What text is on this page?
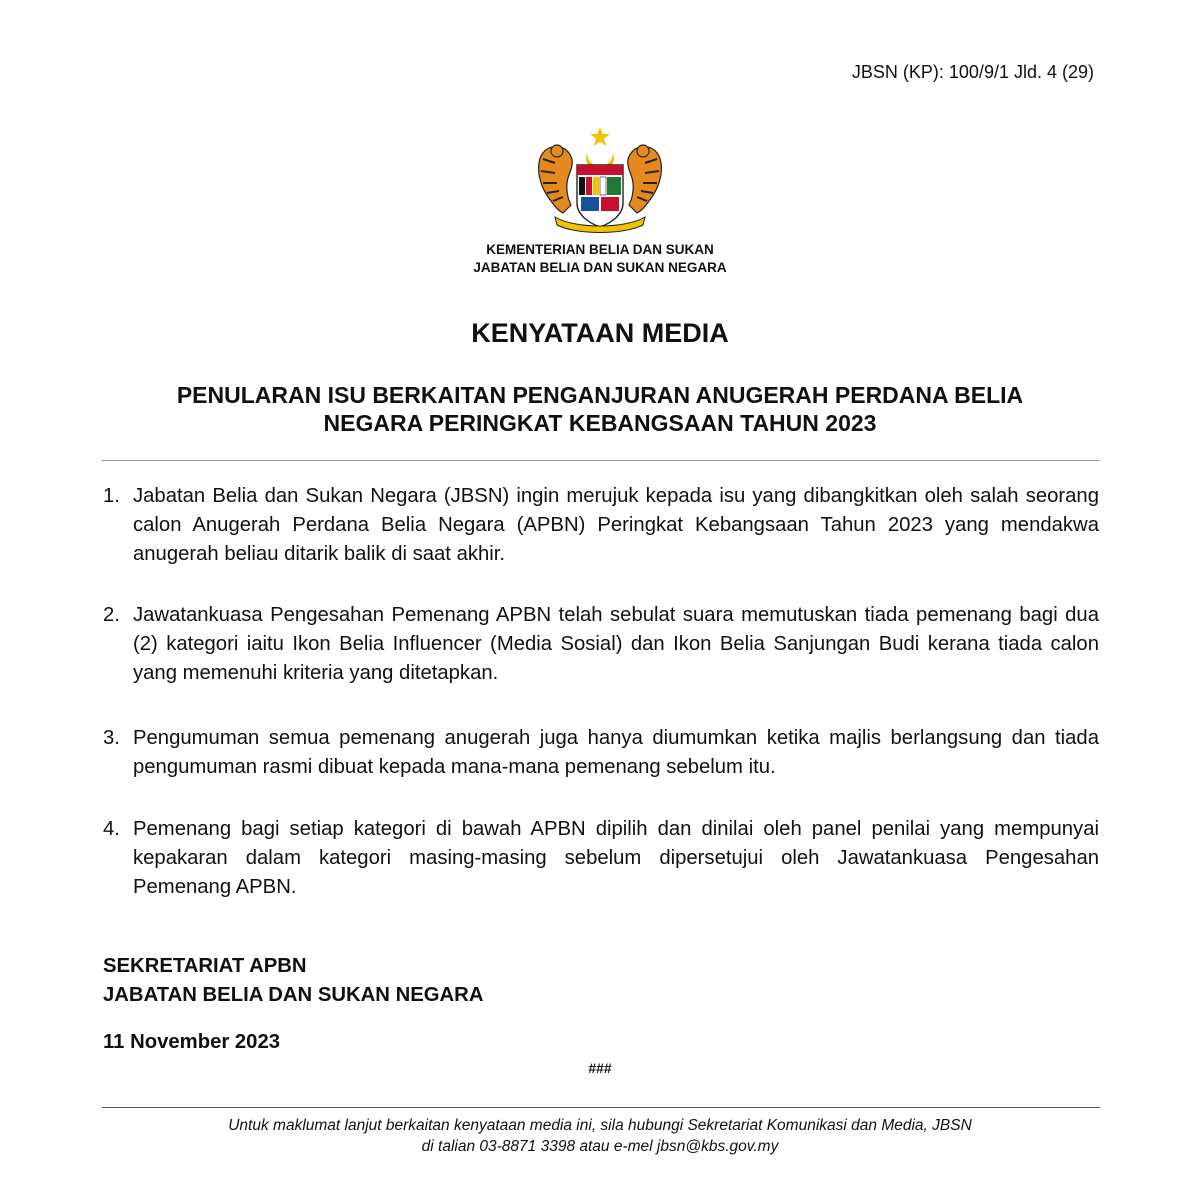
JBSN (KP): 100/9/1 Jld. 4 (29)
KEMENTERIAN BELIA DAN SUKAN
JABATAN BELIA DAN SUKAN NEGARA
KENYATAAN MEDIA
PENULARAN ISU BERKAITAN PENGANJURAN ANUGERAH PERDANA BELIA
NEGARA PERINGKAT KEBANGSAAN TAHUN 2023
1. Jabatan Belia dan Sukan Negara (JBSN) ingin merujuk kepada isu yang dibangkitkan oleh salah seorang calon Anugerah Perdana Belia Negara (APBN) Peringkat Kebangsaan Tahun 2023 yang mendakwa anugerah beliau ditarik balik di saat akhir.
2. Jawatankuasa Pengesahan Pemenang APBN telah sebulat suara memutuskan tiada pemenang bagi dua (2) kategori iaitu Ikon Belia Influencer (Media Sosial) dan Ikon Belia Sanjungan Budi kerana tiada calon yang memenuhi kriteria yang ditetapkan.
3. Pengumuman semua pemenang anugerah juga hanya diumumkan ketika majlis berlangsung dan tiada pengumuman rasmi dibuat kepada mana-mana pemenang sebelum itu.
4. Pemenang bagi setiap kategori di bawah APBN dipilih dan dinilai oleh panel penilai yang mempunyai kepakaran dalam kategori masing-masing sebelum dipersetujui oleh Jawatankuasa Pengesahan Pemenang APBN.
SEKRETARIAT APBN
JABATAN BELIA DAN SUKAN NEGARA
11 November 2023
###
Untuk maklumat lanjut berkaitan kenyataan media ini, sila hubungi Sekretariat Komunikasi dan Media, JBSN
di talian 03-8871 3398 atau e-mel jbsn@kbs.gov.my
